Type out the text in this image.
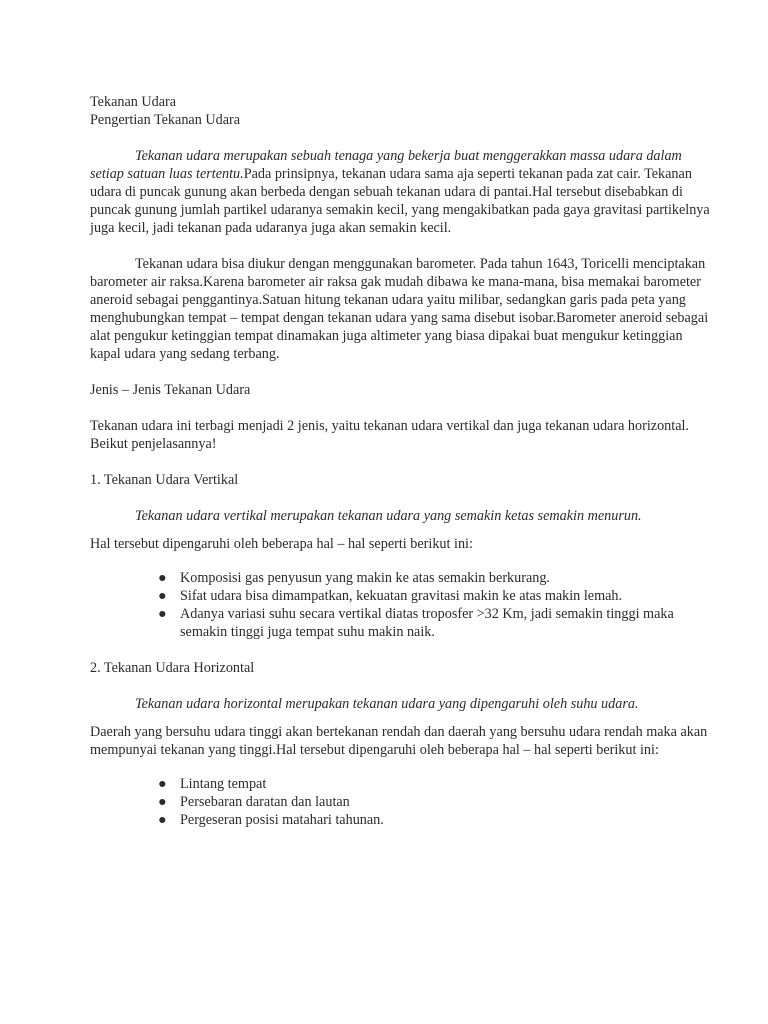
Tekanan Udara

Pengertian Tekanan Udara

Tekanan udara merupakan sebuah tenaga yang bekerja buat menggerakkan massa udara dalam setiap satuan luas tertentu.Pada prinsipnya, tekanan udara sama aja seperti tekanan pada zat cair. Tekanan udara di puncak gunung akan berbeda dengan sebuah tekanan udara di pantai.Hal tersebut disebabkan di puncak gunung jumlah partikel udaranya semakin kecil, yang mengakibatkan pada gaya gravitasi partikelnya juga kecil, jadi tekanan pada udaranya juga akan semakin kecil.

Tekanan udara bisa diukur dengan menggunakan barometer. Pada tahun 1643, Toricelli menciptakan barometer air raksa.Karena barometer air raksa gak mudah dibawa ke mana-mana, bisa memakai barometer aneroid sebagai penggantinya.Satuan hitung tekanan udara yaitu milibar, sedangkan garis pada peta yang menghubungkan tempat – tempat dengan tekanan udara yang sama disebut isobar.Barometer aneroid sebagai alat pengukur ketinggian tempat dinamakan juga altimeter yang biasa dipakai buat mengukur ketinggian kapal udara yang sedang terbang.

Jenis – Jenis Tekanan Udara

Tekanan udara ini terbagi menjadi 2 jenis, yaitu tekanan udara vertikal dan juga tekanan udara horizontal. Beikut penjelasannya!

1. Tekanan Udara Vertikal

Tekanan udara vertikal merupakan tekanan udara yang semakin ketas semakin menurun.

Hal tersebut dipengaruhi oleh beberapa hal – hal seperti berikut ini:

● Komposisi gas penyusun yang makin ke atas semakin berkurang.
● Sifat udara bisa dimampatkan, kekuatan gravitasi makin ke atas makin lemah.
● Adanya variasi suhu secara vertikal diatas troposfer >32 Km, jadi semakin tinggi maka semakin tinggi juga tempat suhu makin naik.

2. Tekanan Udara Horizontal

Tekanan udara horizontal merupakan tekanan udara yang dipengaruhi oleh suhu udara.

Daerah yang bersuhu udara tinggi akan bertekanan rendah dan daerah yang bersuhu udara rendah maka akan mempunyai tekanan yang tinggi.Hal tersebut dipengaruhi oleh beberapa hal – hal seperti berikut ini:

● Lintang tempat
● Persebaran daratan dan lautan
● Pergeseran posisi matahari tahunan.
